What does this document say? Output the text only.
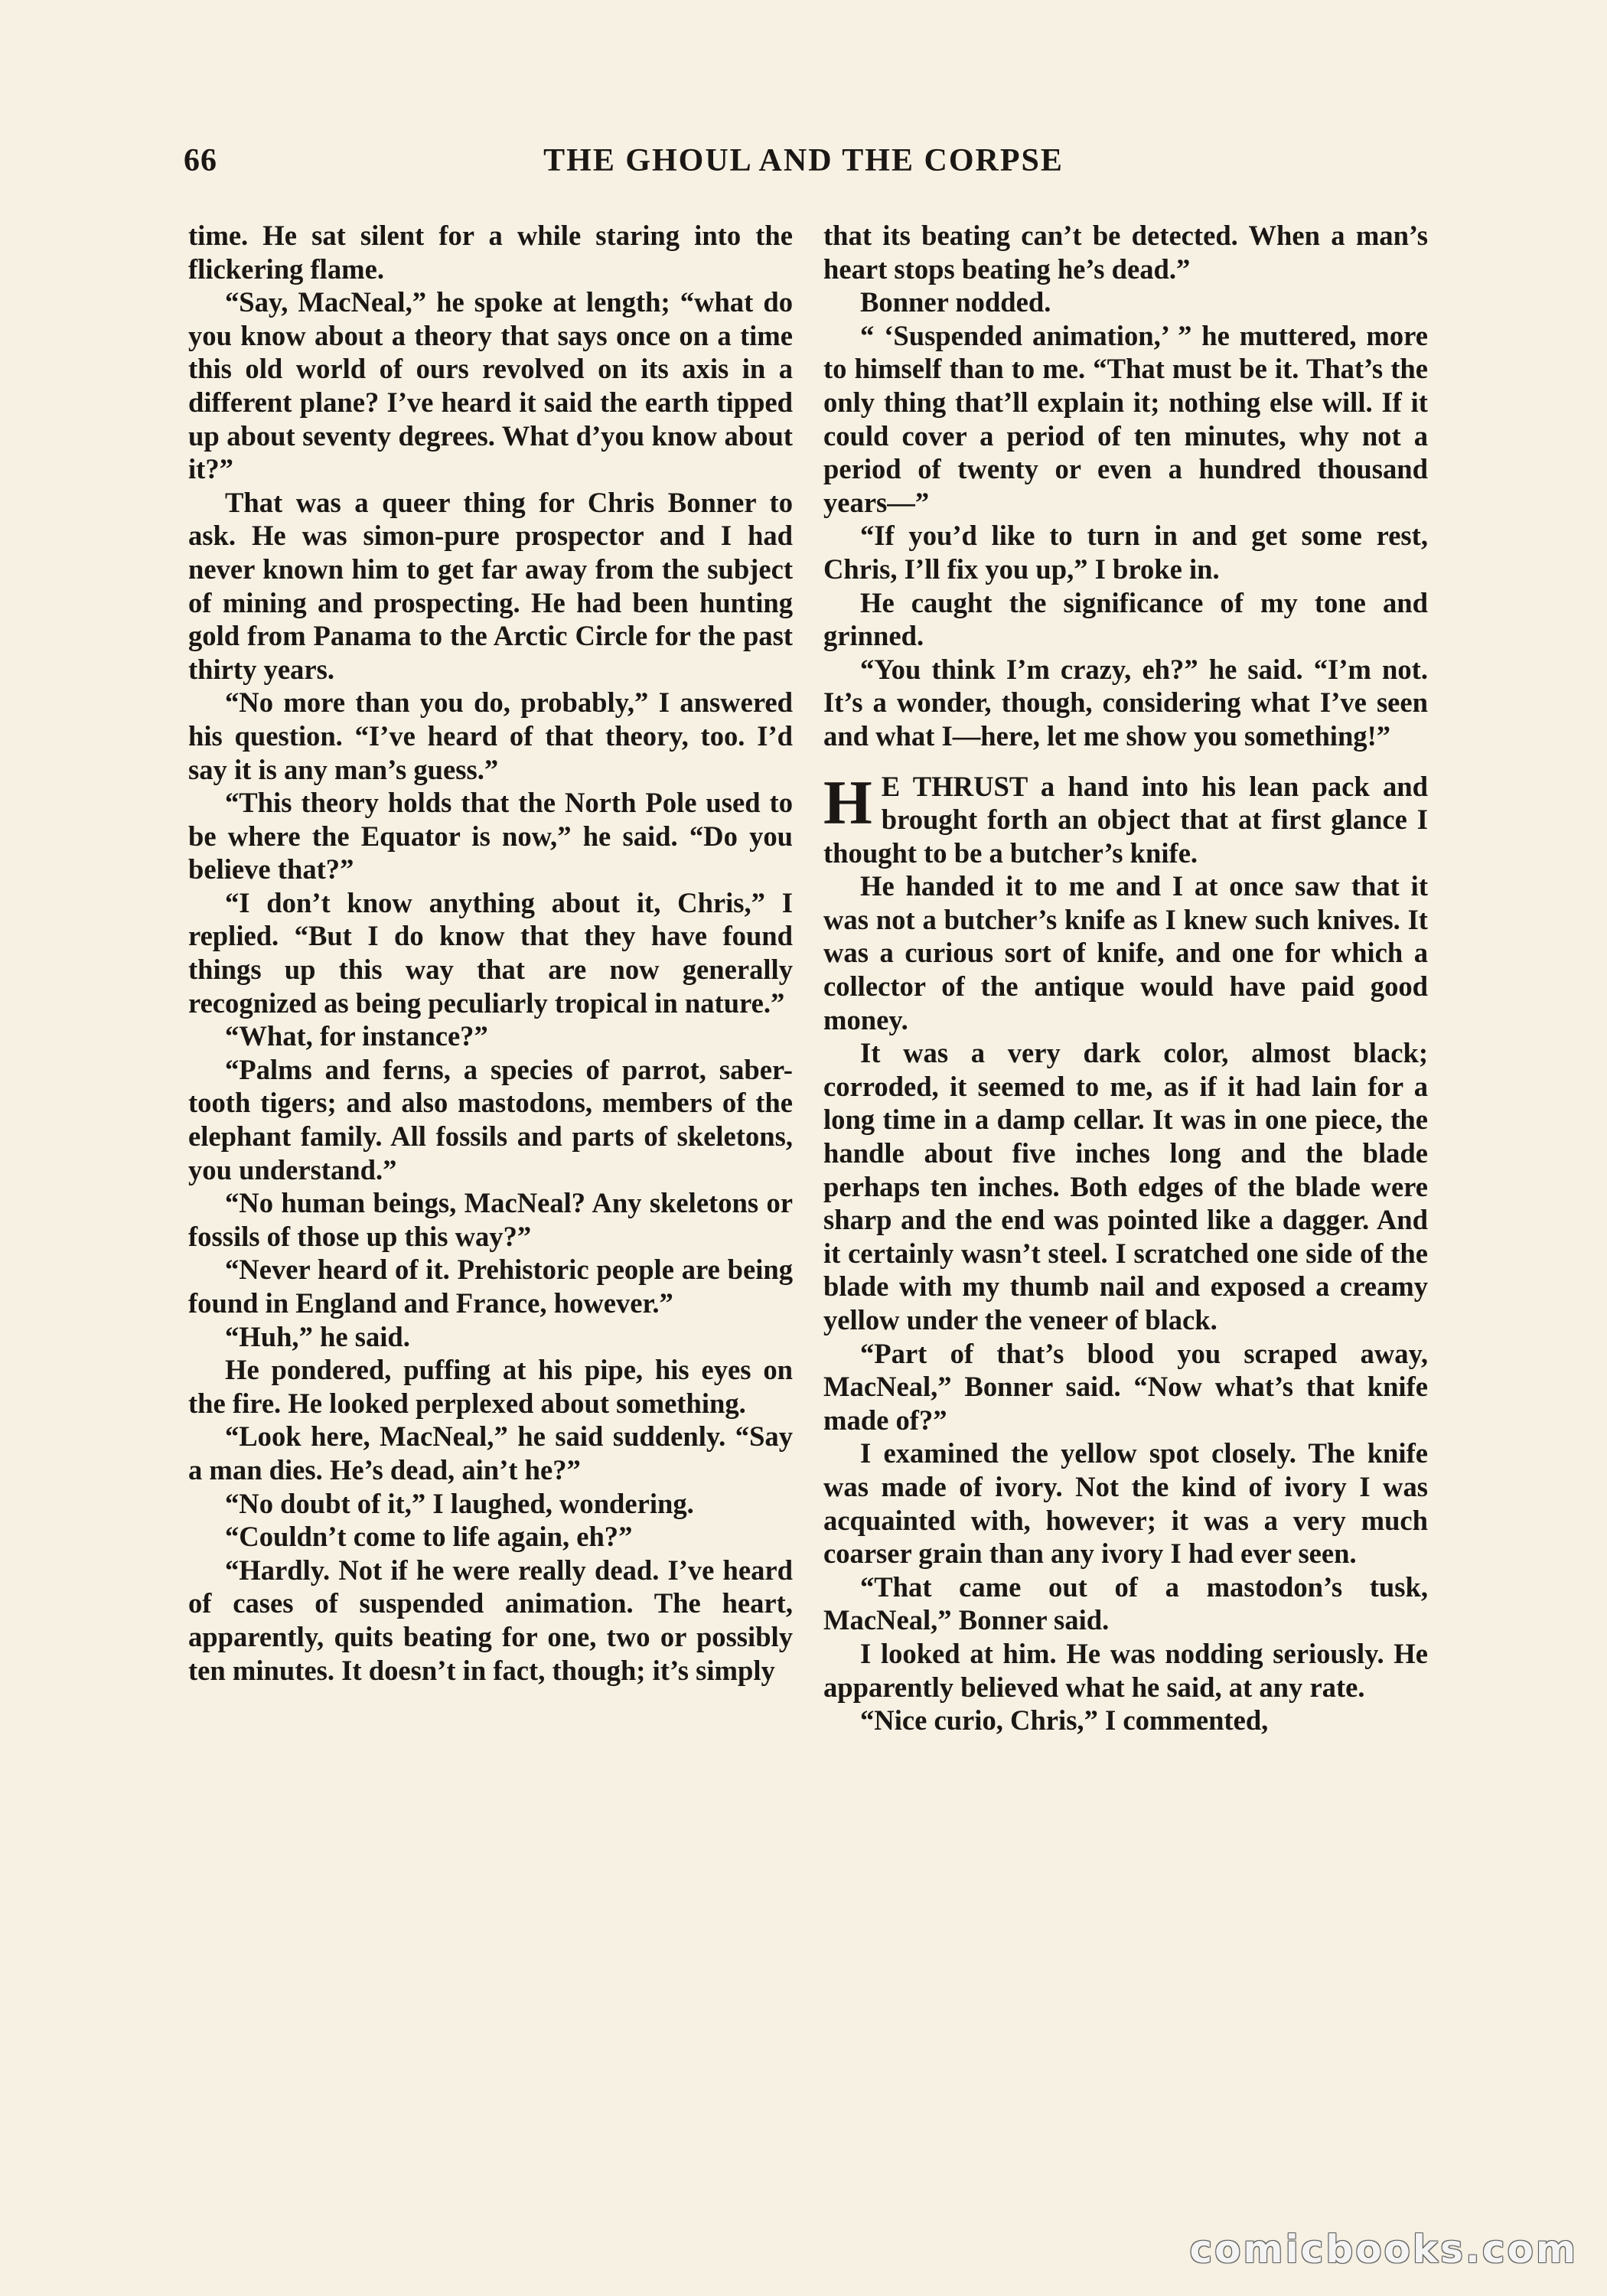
66	THE GHOUL AND THE CORPSE

time. He sat silent for a while staring into the flickering flame.

“Say, MacNeal,” he spoke at length; “what do you know about a theory that says once on a time this old world of ours revolved on its axis in a different plane? I’ve heard it said the earth tipped up about seventy degrees. What d’you know about it?”

That was a queer thing for Chris Bonner to ask. He was simon-pure prospector and I had never known him to get far away from the subject of mining and prospecting. He had been hunting gold from Panama to the Arctic Circle for the past thirty years.

“No more than you do, probably,” I answered his question. “I’ve heard of that theory, too. I’d say it is any man’s guess.”

“This theory holds that the North Pole used to be where the Equator is now,” he said. “Do you believe that?”

“I don’t know anything about it, Chris,” I replied. “But I do know that they have found things up this way that are now generally recognized as being peculiarly tropical in nature.”

“What, for instance?”

“Palms and ferns, a species of parrot, saber-tooth tigers; and also mastodons, members of the elephant family. All fossils and parts of skeletons, you understand.”

“No human beings, MacNeal? Any skeletons or fossils of those up this way?”

“Never heard of it. Prehistoric people are being found in England and France, however.”

“Huh,” he said.

He pondered, puffing at his pipe, his eyes on the fire. He looked perplexed about something.

“Look here, MacNeal,” he said suddenly. “Say a man dies. He’s dead, ain’t he?”

“No doubt of it,” I laughed, wondering.

“Couldn’t come to life again, eh?”

“Hardly. Not if he were really dead. I’ve heard of cases of suspended animation. The heart, apparently, quits beating for one, two or possibly ten minutes. It doesn’t in fact, though; it’s simply

that its beating can’t be detected. When a man’s heart stops beating he’s dead.”

Bonner nodded.

“ ‘Suspended animation,’ ” he muttered, more to himself than to me. “That must be it. That’s the only thing that’ll explain it; nothing else will. If it could cover a period of ten minutes, why not a period of twenty or even a hundred thousand years—”

“If you’d like to turn in and get some rest, Chris, I’ll fix you up,” I broke in.

He caught the significance of my tone and grinned.

“You think I’m crazy, eh?” he said. “I’m not. It’s a wonder, though, considering what I’ve seen and what I—here, let me show you something!”

H E THRUST a hand into his lean pack and brought forth an object that at first glance I thought to be a butcher’s knife.

He handed it to me and I at once saw that it was not a butcher’s knife as I knew such knives. It was a curious sort of knife, and one for which a collector of the antique would have paid good money.

It was a very dark color, almost black; corroded, it seemed to me, as if it had lain for a long time in a damp cellar. It was in one piece, the handle about five inches long and the blade perhaps ten inches. Both edges of the blade were sharp and the end was pointed like a dagger. And it certainly wasn’t steel. I scratched one side of the blade with my thumb nail and exposed a creamy yellow under the veneer of black.

“Part of that’s blood you scraped away, MacNeal,” Bonner said. “Now what’s that knife made of?”

I examined the yellow spot closely. The knife was made of ivory. Not the kind of ivory I was acquainted with, however; it was a very much coarser grain than any ivory I had ever seen.

“That came out of a mastodon’s tusk, MacNeal,” Bonner said.

I looked at him. He was nodding seriously. He apparently believed what he said, at any rate.

“Nice curio, Chris,” I commented,

comicbooks.com
